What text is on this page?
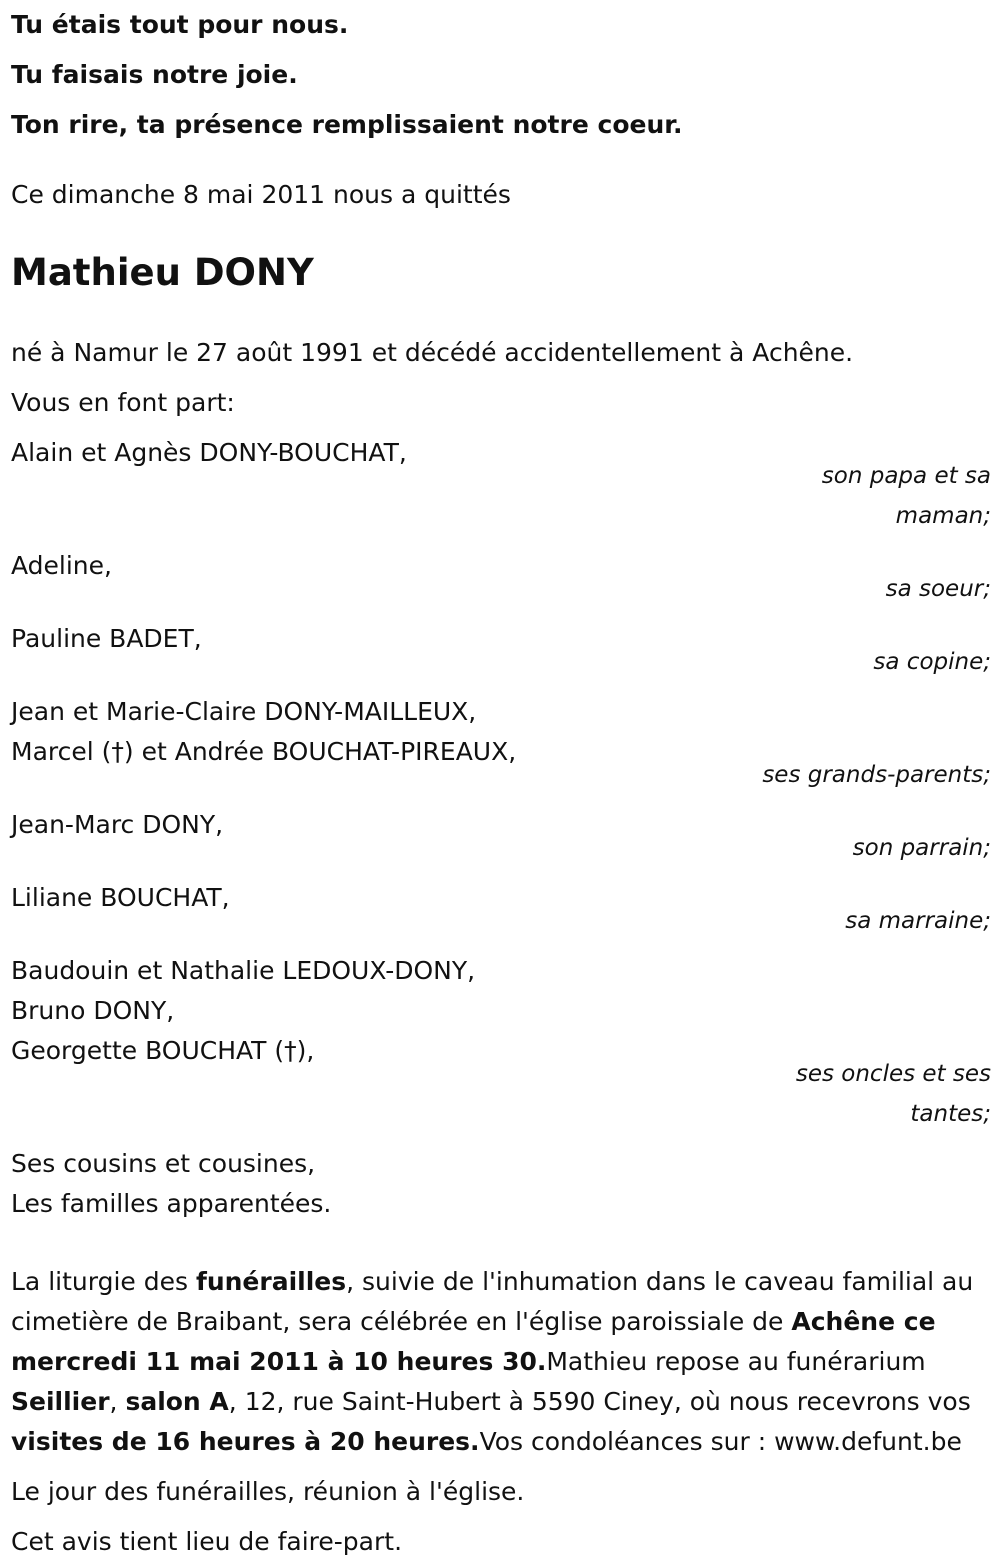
Tu étais tout pour nous.

Tu faisais notre joie.

Ton rire, ta présence remplissaient notre coeur.

Ce dimanche 8 mai 2011 nous a quittés
Mathieu DONY
né à Namur le 27 août 1991 et décédé accidentellement à Achêne.
Vous en font part:
Alain et Agnès DONY-BOUCHAT,
son papa et sa
maman;
Adeline,
sa soeur;
Pauline BADET,
sa copine;
Jean et Marie-Claire DONY-MAILLEUX,
Marcel (†) et Andrée BOUCHAT-PIREAUX,
ses grands-parents;
Jean-Marc DONY,
son parrain;
Liliane BOUCHAT,
sa marraine;
Baudouin et Nathalie LEDOUX-DONY,
Bruno DONY,
Georgette BOUCHAT (†),
ses oncles et ses
tantes;
Ses cousins et cousines,
Les familles apparentées.
La liturgie des funérailles, suivie de l'inhumation dans le caveau familial au cimetière de Braibant, sera célébrée en l'église paroissiale de Achêne ce mercredi 11 mai 2011 à 10 heures 30.Mathieu repose au funérarium Seillier, salon A, 12, rue Saint-Hubert à 5590 Ciney, où nous recevrons vos visites de 16 heures à 20 heures.Vos condoléances sur : www.defunt.be

Le jour des funérailles, réunion à l'église.

Cet avis tient lieu de faire-part.
